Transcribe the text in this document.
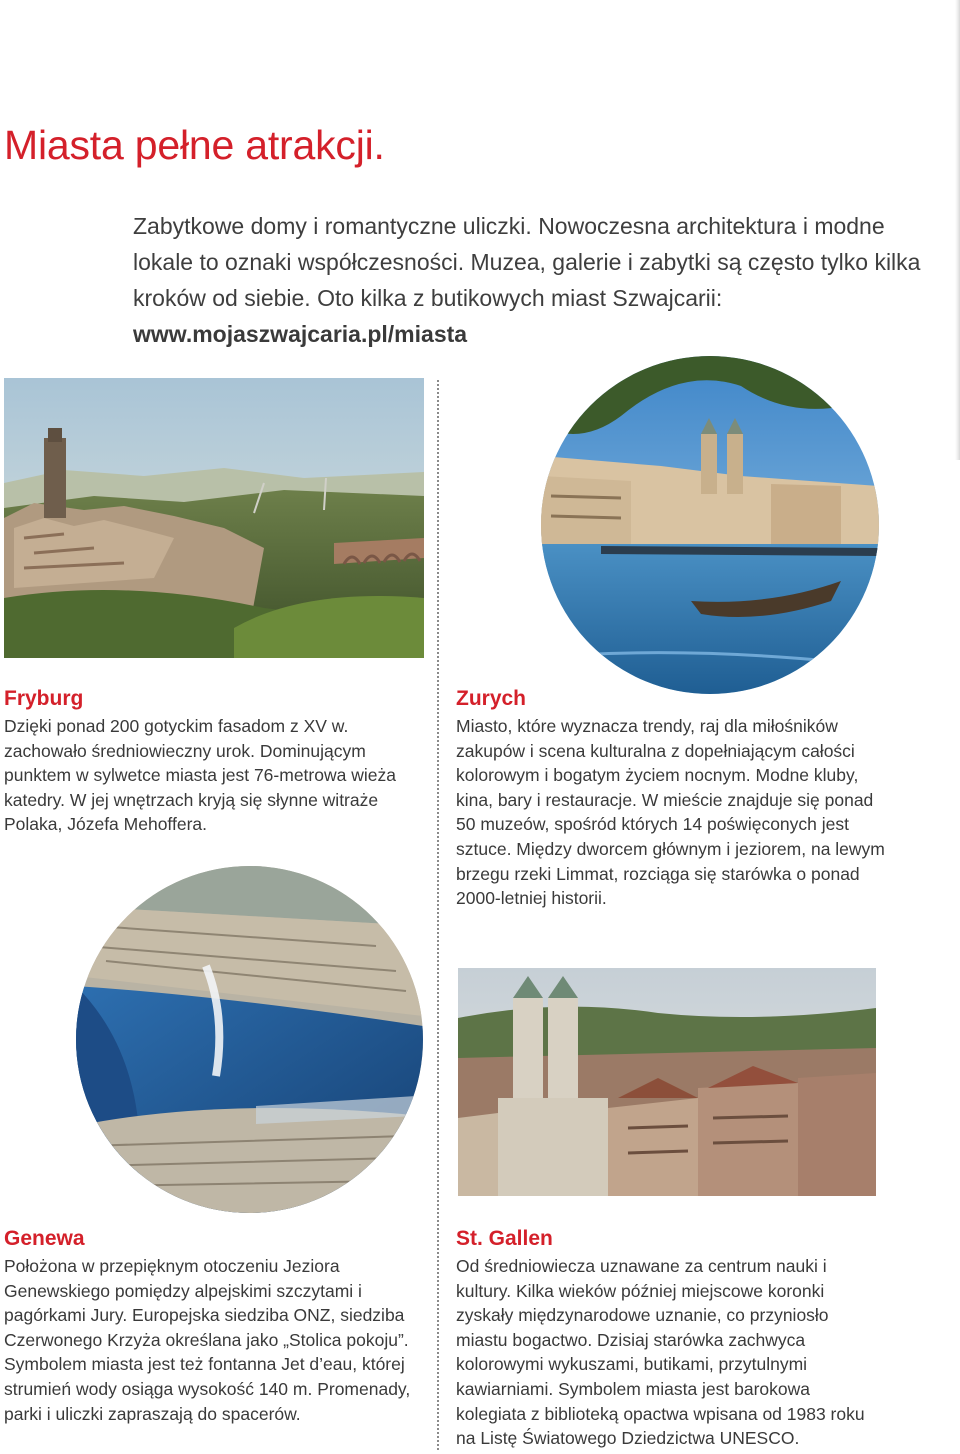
Miasta pełne atrakcji.
Zabytkowe domy i romantyczne uliczki. Nowoczesna architektura i modne lokale to oznaki współczesności. Muzea, galerie i zabytki są często tylko kilka kroków od siebie. Oto kilka z butikowych miast Szwajcarii: www.mojaszwajcaria.pl/miasta
Fryburg

Dzięki ponad 200 gotyckim fasadom z XV w. zachowało średniowieczny urok. Dominującym punktem w sylwetce miasta jest 76-metrowa wieża katedry. W jej wnętrzach kryją się słynne witraże Polaka, Józefa Mehoffera.

Zurych

Miasto, które wyznacza trendy, raj dla miłośników zakupów i scena kulturalna z dopełniającym całości kolorowym i bogatym życiem nocnym. Modne kluby, kina, bary i restauracje. W mieście znajduje się ponad 50 muzeów, spośród których 14 poświęconych jest sztuce. Między dworcem głównym i jeziorem, na lewym brzegu rzeki Limmat, rozciąga się starówka o ponad 2000-letniej historii.

Genewa

Położona w przepięknym otoczeniu Jeziora Genewskiego pomiędzy alpejskimi szczytami i pagórkami Jury. Europejska siedziba ONZ, siedziba Czerwonego Krzyża określana jako „Stolica pokoju”. Symbolem miasta jest też fontanna Jet d’eau, której strumień wody osiąga wysokość 140 m. Promenady, parki i uliczki zapraszają do spacerów.

St. Gallen

Od średniowiecza uznawane za centrum nauki i kultury. Kilka wieków później miejscowe koronki zyskały międzynarodowe uznanie, co przyniosło miastu bogactwo. Dzisiaj starówka zachwyca kolorowymi wykuszami, butikami, przytulnymi kawiarniami. Symbolem miasta jest barokowa kolegiata z biblioteką opactwa wpisana od 1983 roku na Listę Światowego Dziedzictwa UNESCO.
